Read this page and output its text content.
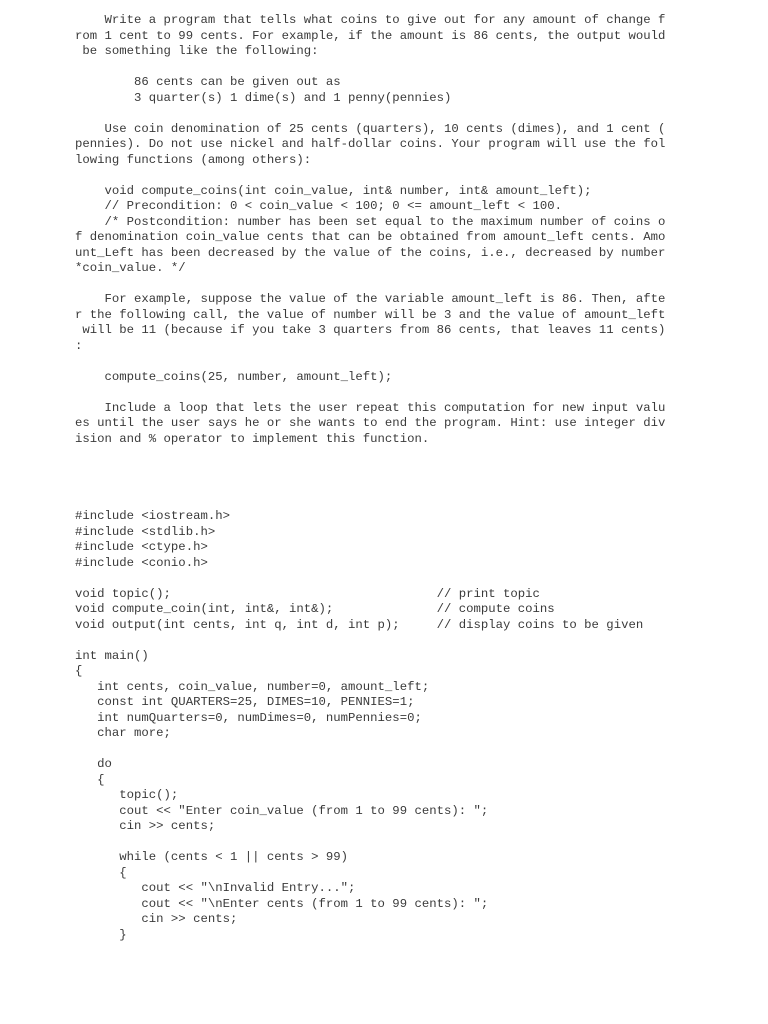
Write a program that tells what coins to give out for any amount of change f
rom 1 cent to 99 cents. For example, if the amount is 86 cents, the output would
be something like the following:
86 cents can be given out as
3 quarter(s) 1 dime(s) and 1 penny(pennies)
Use coin denomination of 25 cents (quarters), 10 cents (dimes), and 1 cent (
pennies). Do not use nickel and half-dollar coins. Your program will use the fol
lowing functions (among others):
void compute_coins(int coin_value, int& number, int& amount_left);
// Precondition: 0 < coin_value < 100; 0 <= amount_left < 100.
/* Postcondition: number has been set equal to the maximum number of coins o
f denomination coin_value cents that can be obtained from amount_left cents. Amo
unt_Left has been decreased by the value of the coins, i.e., decreased by number
*coin_value. */
For example, suppose the value of the variable amount_left is 86. Then, afte
r the following call, the value of number will be 3 and the value of amount_left
will be 11 (because if you take 3 quarters from 86 cents, that leaves 11 cents)
:
compute_coins(25, number, amount_left);
Include a loop that lets the user repeat this computation for new input valu
es until the user says he or she wants to end the program. Hint: use integer div
ision and % operator to implement this function.
#include <iostream.h>
#include <stdlib.h>
#include <ctype.h>
#include <conio.h>
void topic();                                    // print topic
void compute_coin(int, int&, int&);              // compute coins
void output(int cents, int q, int d, int p);     // display coins to be given
int main()
{
int cents, coin_value, number=0, amount_left;
const int QUARTERS=25, DIMES=10, PENNIES=1;
int numQuarters=0, numDimes=0, numPennies=0;
char more;
do
{
topic();
cout << "Enter coin_value (from 1 to 99 cents): ";
cin >> cents;
while (cents < 1 || cents > 99)
{
cout << "\nInvalid Entry...";
cout << "\nEnter cents (from 1 to 99 cents): ";
cin >> cents;
}
